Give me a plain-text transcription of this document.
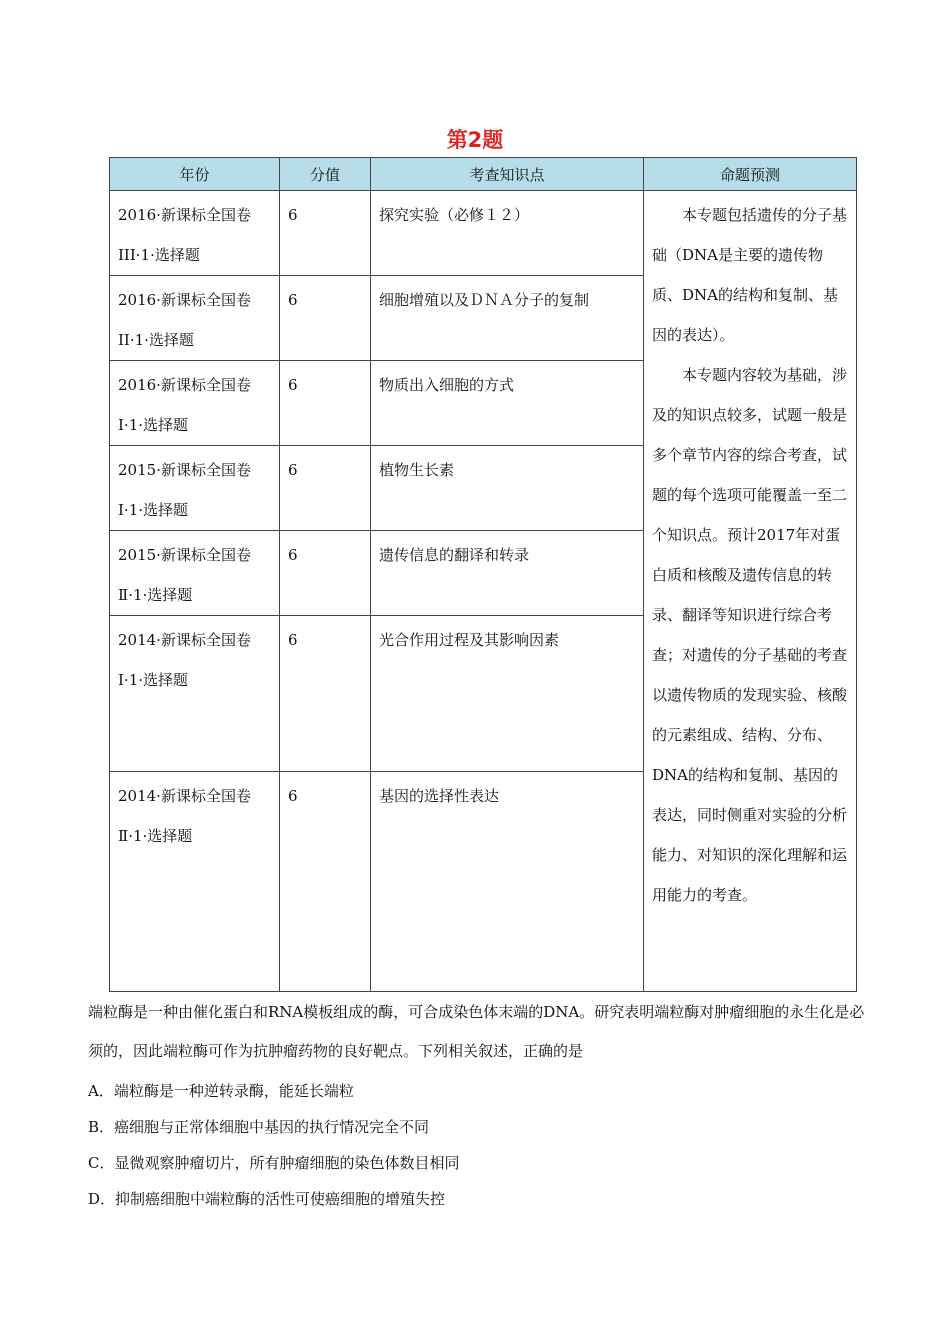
第2题
年份	分值	考查知识点	命题预测
2016·新课标全国卷III·1·选择题	6	探究实验（必修１２）	本专题包括遗传的分子基础（DNA是主要的遗传物质、DNA的结构和复制、基因的表达）。

本专题内容较为基础，涉及的知识点较多，试题一般是多个章节内容的综合考查，试题的每个选项可能覆盖一至二个知识点。预计2017年对蛋白质和核酸及遗传信息的转录、翻译等知识进行综合考查；对遗传的分子基础的考查以遗传物质的发现实验、核酸的元素组成、结构、分布、DNA的结构和复制、基因的表达，同时侧重对实验的分析能力、对知识的深化理解和运用能力的考查。

2016·新课标全国卷II·1·选择题	6	细胞增殖以及ＤＮＡ分子的复制	
2016·新课标全国卷I·1·选择题	6	物质出入细胞的方式	
2015·新课标全国卷I·1·选择题	6	植物生长素	
2015·新课标全国卷Ⅱ·1·选择题	6	遗传信息的翻译和转录	
2014·新课标全国卷I·1·选择题	6	光合作用过程及其影响因素	
2014·新课标全国卷Ⅱ·1·选择题	6	基因的选择性表达	

端粒酶是一种由催化蛋白和RNA模板组成的酶，可合成染色体末端的DNA。研究表明端粒酶对肿瘤细胞的永生化是必须的，因此端粒酶可作为抗肿瘤药物的良好靶点。下列相关叙述，正确的是

A．端粒酶是一种逆转录酶，能延长端粒

B．癌细胞与正常体细胞中基因的执行情况完全不同

C．显微观察肿瘤切片，所有肿瘤细胞的染色体数目相同

D．抑制癌细胞中端粒酶的活性可使癌细胞的增殖失控
